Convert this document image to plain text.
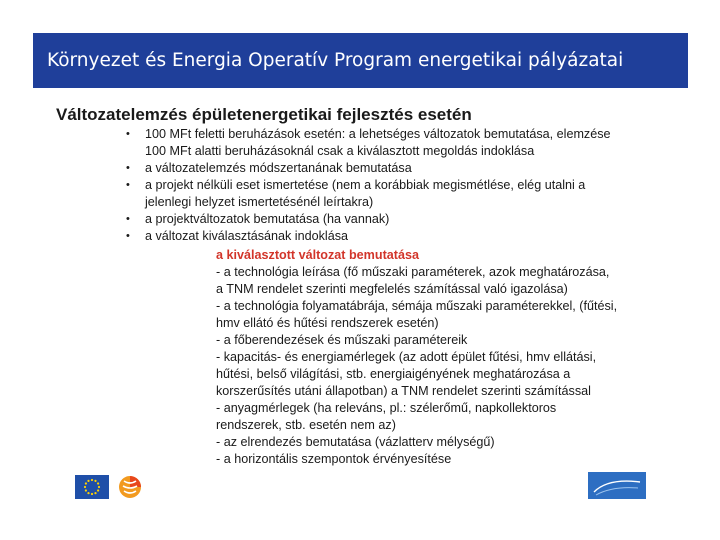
Környezet és Energia Operatív Program energetikai pályázatai
Változatelemzés épületenergetikai fejlesztés esetén
• 100 MFt feletti beruházások esetén: a lehetséges változatok bemutatása, elemzése
100 MFt alatti beruházásoknál csak a kiválasztott megoldás indoklása
• a változatelemzés módszertanának bemutatása
• a projekt nélküli eset ismertetése (nem a korábbiak megismétlése, elég utalni a
jelenlegi helyzet ismertetésénél leírtakra)
• a projektváltozatok bemutatása (ha vannak)
• a változat kiválasztásának indoklása
a kiválasztott változat bemutatása
- a technológia leírása (fő műszaki paraméterek, azok meghatározása,
a TNM rendelet szerinti megfelelés számítással való igazolása)
- a technológia folyamatábrája, sémája műszaki paraméterekkel, (fűtési,
hmv ellátó és hűtési rendszerek esetén)
- a főberendezések és műszaki paramétereik
- kapacitás- és energiamérlegek (az adott épület fűtési, hmv ellátási,
hűtési, belső világítási, stb. energiaigényének meghatározása a
korszerűsítés utáni állapotban) a TNM rendelet szerinti számítással
- anyagmérlegek (ha releváns, pl.: szélerőmű, napkollektoros
rendszerek, stb. esetén nem az)
- az elrendezés bemutatása (vázlatterv mélységű)
- a horizontális szempontok érvényesítése
